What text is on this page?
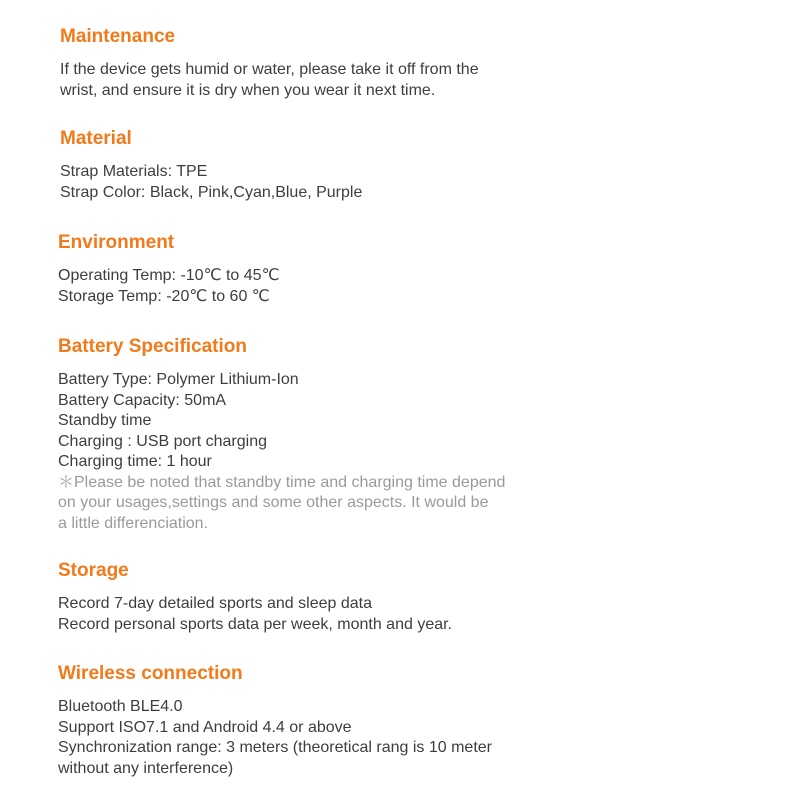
Maintenance
If the device gets humid or water, please take it off from the
wrist, and ensure it is dry when you wear it next time.
Material
Strap Materials: TPE
Strap Color: Black, Pink,Cyan,Blue, Purple
Environment
Operating Temp: -10℃ to 45℃
Storage Temp: -20℃ to 60 ℃
Battery Specification
Battery Type: Polymer Lithium-Ion
Battery Capacity: 50mA
Standby time
Charging : USB port charging
Charging time: 1 hour
＊Please be noted that standby time and charging time depend
on your usages,settings and some other aspects. It would be
a little differenciation.
Storage
Record 7-day detailed sports and sleep data
Record personal sports data per week, month and year.
Wireless connection
Bluetooth BLE4.0
Support ISO7.1 and Android 4.4 or above
Synchronization range: 3 meters (theoretical rang is 10 meter
without any interference)
